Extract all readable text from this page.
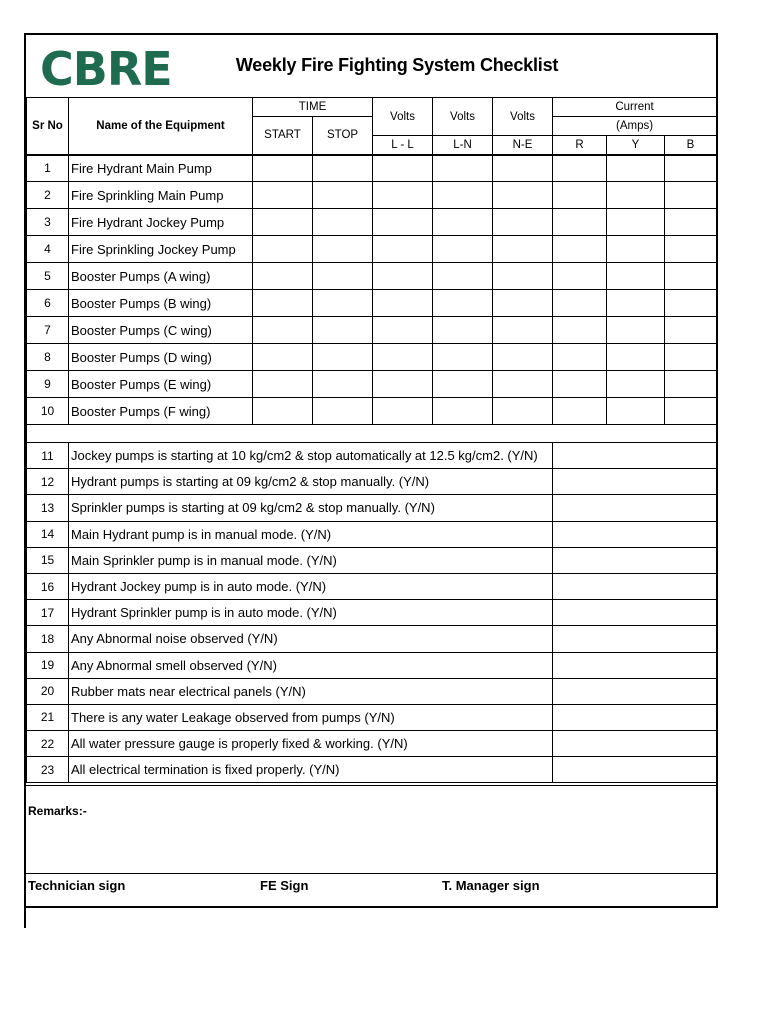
CBRE	Weekly Fire Fighting System Checklist
Sr No	Name of the Equipment	TIME		Volts	Volts	Volts	Current		
		START	STOP				(Amps)		
				L - L	L-N	N-E	R	Y	B
1	Fire Hydrant Main Pump								
2	Fire Sprinkling Main Pump								
3	Fire Hydrant Jockey Pump								
4	Fire Sprinkling Jockey Pump								
5	Booster Pumps (A wing)								
6	Booster Pumps (B wing)								
7	Booster Pumps (C wing)								
8	Booster Pumps (D wing)								
9	Booster Pumps (E wing)								
10	Booster Pumps (F wing)								

11	Jockey pumps is starting at 10 kg/cm2 & stop automatically at 12.5 kg/cm2. (Y/N)								
12	Hydrant pumps is starting at 09 kg/cm2 & stop manually. (Y/N)								
13	Sprinkler pumps is starting at 09 kg/cm2 & stop manually. (Y/N)								
14	Main Hydrant pump is in manual mode. (Y/N)								
15	Main Sprinkler pump is in manual mode. (Y/N)								
16	Hydrant Jockey pump is in auto mode. (Y/N)								
17	Hydrant Sprinkler pump is in auto mode. (Y/N)								
18	Any Abnormal noise observed (Y/N)								
19	Any Abnormal smell observed (Y/N)								
20	Rubber mats near electrical panels (Y/N)								
21	There is any water Leakage observed from pumps (Y/N)								
22	All water pressure gauge is properly fixed & working. (Y/N)								
23	All electrical termination is fixed properly. (Y/N)								
Remarks:-
Technician sign	FE Sign	T. Manager sign
